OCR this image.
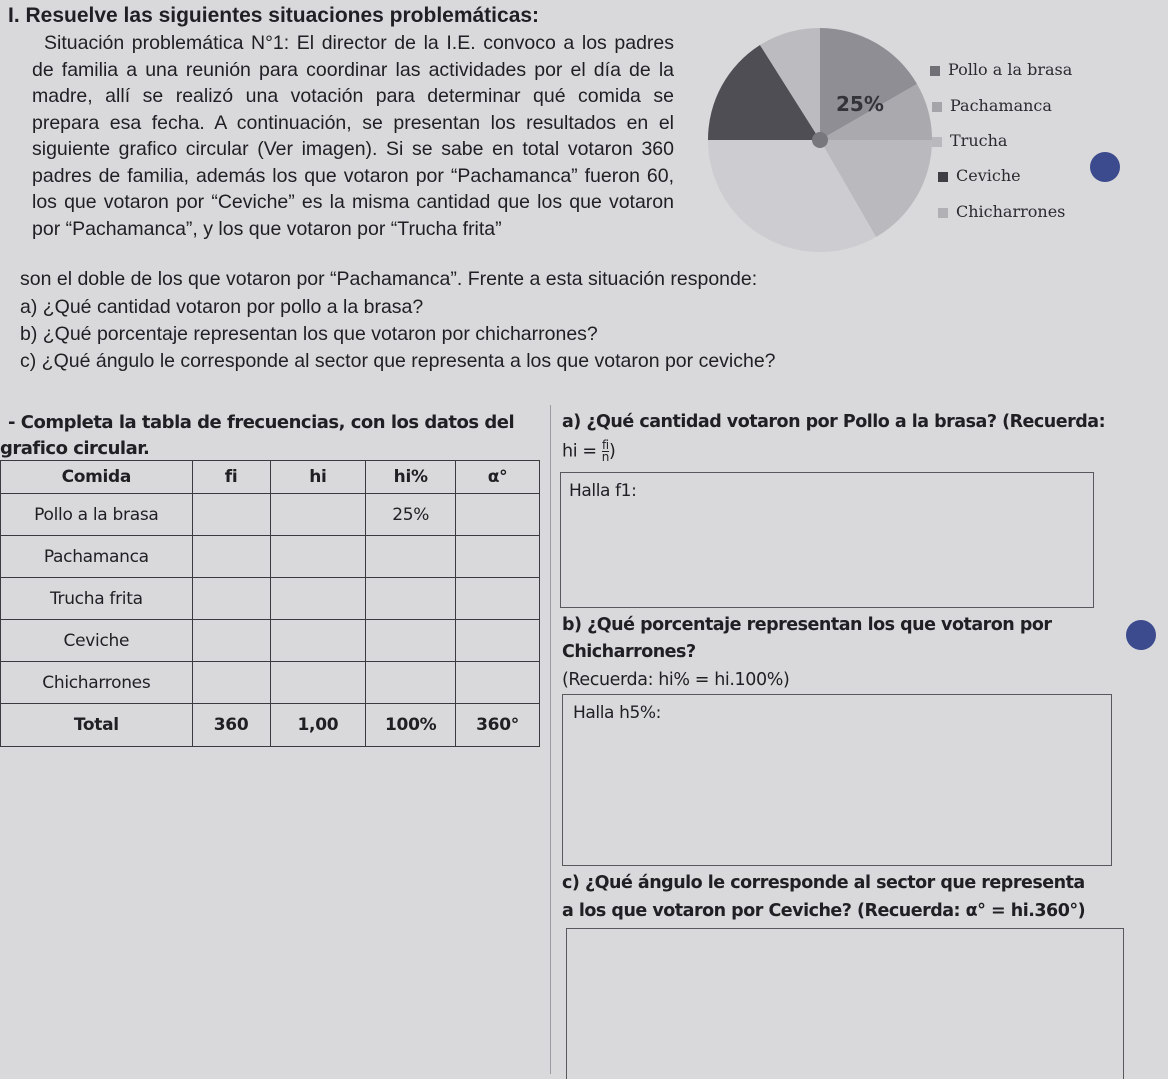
I. Resuelve las siguientes situaciones problemáticas:

Situación problemática N°1: El director de la I.E. convoco a los padres de familia a una reunión para coordinar las actividades por el día de la madre, allí se realizó una votación para determinar qué comida se prepara esa fecha. A continuación, se presentan los resultados en el siguiente grafico circular (Ver imagen). Si se sabe en total votaron 360 padres de familia, además los que votaron por “Pachamanca” fueron 60, los que votaron por “Ceviche” es la misma cantidad que los que votaron por “Pachamanca”, y los que votaron por “Trucha frita”

25%
Pollo a la brasa
Pachamanca
Trucha
Ceviche
Chicharrones
son el doble de los que votaron por “Pachamanca”. Frente a esta situación responde:
a) ¿Qué cantidad votaron por pollo a la brasa?
b) ¿Qué porcentaje representan los que votaron por chicharrones?
c) ¿Qué ángulo le corresponde al sector que representa a los que votaron por ceviche?
- Completa la tabla de frecuencias, con los datos del
grafico circular.
Comida	fi	hi	hi%	α°
Pollo a la brasa			25%	
Pachamanca				
Trucha frita				
Ceviche				
Chicharrones				
Total	360	1,00	100%	360°
a) ¿Qué cantidad votaron por Pollo a la brasa? (Recuerda:
hi = $\frac{fi}{n}$ )
Halla f1:
b) ¿Qué porcentaje representan los que votaron por
Chicharrones?
(Recuerda: hi% = hi.100%)
Halla h5%:
c) ¿Qué ángulo le corresponde al sector que representa
a los que votaron por Ceviche? (Recuerda: α° = hi.360°)
